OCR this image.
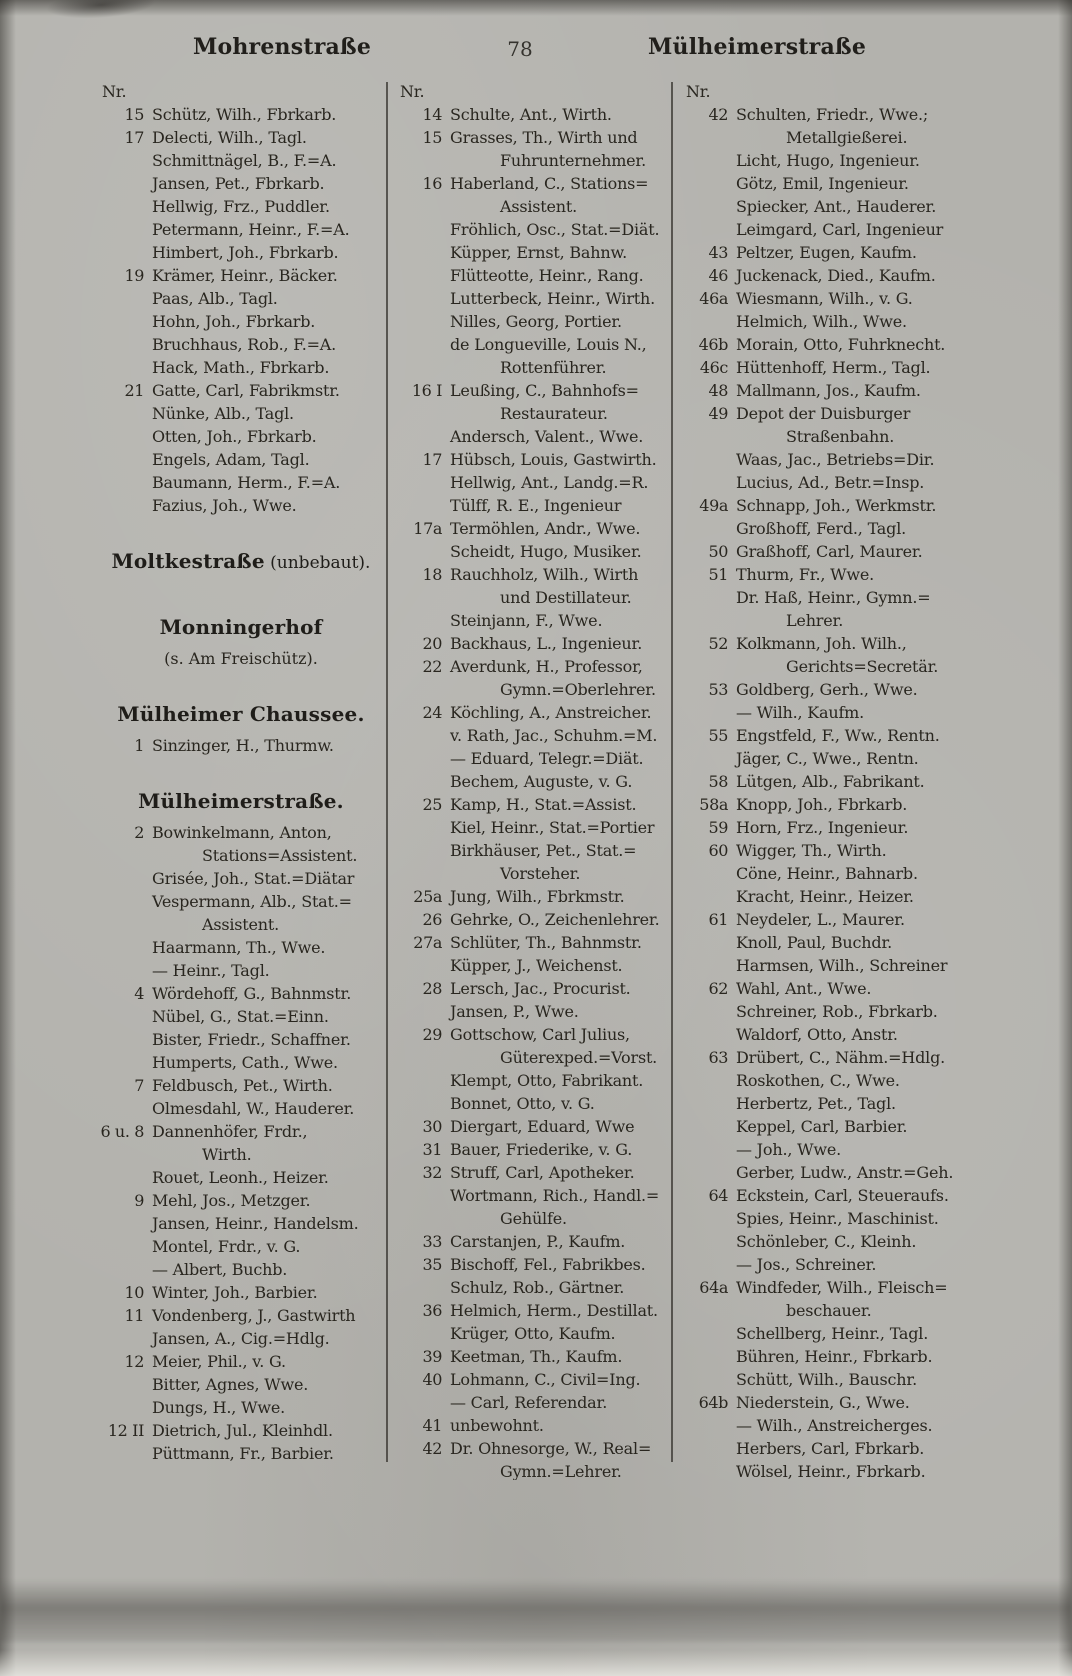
Mohrenstraße	78	Mülheimerstraße
Nr.
15 Schütz, Wilh., Fbrkarb.
17 Delecti, Wilh., Tagl.
Schmittnägel, B., F.=A.
Jansen, Pet., Fbrkarb.
Hellwig, Frz., Puddler.
Petermann, Heinr., F.=A.
Himbert, Joh., Fbrkarb.
19 Krämer, Heinr., Bäcker.
Paas, Alb., Tagl.
Hohn, Joh., Fbrkarb.
Bruchhaus, Rob., F.=A.
Hack, Math., Fbrkarb.
21 Gatte, Carl, Fabrikmstr.
Nünke, Alb., Tagl.
Otten, Joh., Fbrkarb.
Engels, Adam, Tagl.
Baumann, Herm., F.=A.
Fazius, Joh., Wwe.
Moltkestraße (unbebaut).
Monningerhof
(s. Am Freischütz).
Mülheimer Chaussee.
1 Sinzinger, H., Thurmw.
Mülheimerstraße.
2 Bowinkelmann, Anton,
Stations=Assistent.
Grisée, Joh., Stat.=Diätar
Vespermann, Alb., Stat.=
Assistent.
Haarmann, Th., Wwe.
— Heinr., Tagl.
4 Wördehoff, G., Bahnmstr.
Nübel, G., Stat.=Einn.
Bister, Friedr., Schaffner.
Humperts, Cath., Wwe.
7 Feldbusch, Pet., Wirth.
Olmesdahl, W., Hauderer.
6 u. 8 Dannenhöfer, Frdr.,
Wirth.
Rouet, Leonh., Heizer.
9 Mehl, Jos., Metzger.
Jansen, Heinr., Handelsm.
Montel, Frdr., v. G.
— Albert, Buchb.
10 Winter, Joh., Barbier.
11 Vondenberg, J., Gastwirth
Jansen, A., Cig.=Hdlg.
12 Meier, Phil., v. G.
Bitter, Agnes, Wwe.
Dungs, H., Wwe.
12 II Dietrich, Jul., Kleinhdl.
Püttmann, Fr., Barbier.
Nr.
14 Schulte, Ant., Wirth.
15 Grasses, Th., Wirth und
Fuhrunternehmer.
16 Haberland, C., Stations=
Assistent.
Fröhlich, Osc., Stat.=Diät.
Küpper, Ernst, Bahnw.
Flütteotte, Heinr., Rang.
Lutterbeck, Heinr., Wirth.
Nilles, Georg, Portier.
de Longueville, Louis N.,
Rottenführer.
16 I Leußing, C., Bahnhofs=
Restaurateur.
Andersch, Valent., Wwe.
17 Hübsch, Louis, Gastwirth.
Hellwig, Ant., Landg.=R.
Tülff, R. E., Ingenieur
17a Termöhlen, Andr., Wwe.
Scheidt, Hugo, Musiker.
18 Rauchholz, Wilh., Wirth
und Destillateur.
Steinjann, F., Wwe.
20 Backhaus, L., Ingenieur.
22 Averdunk, H., Professor,
Gymn.=Oberlehrer.
24 Köchling, A., Anstreicher.
v. Rath, Jac., Schuhm.=M.
— Eduard, Telegr.=Diät.
Bechem, Auguste, v. G.
25 Kamp, H., Stat.=Assist.
Kiel, Heinr., Stat.=Portier
Birkhäuser, Pet., Stat.=
Vorsteher.
25a Jung, Wilh., Fbrkmstr.
26 Gehrke, O., Zeichenlehrer.
27a Schlüter, Th., Bahnmstr.
Küpper, J., Weichenst.
28 Lersch, Jac., Procurist.
Jansen, P., Wwe.
29 Gottschow, Carl Julius,
Güterexped.=Vorst.
Klempt, Otto, Fabrikant.
Bonnet, Otto, v. G.
30 Diergart, Eduard, Wwe
31 Bauer, Friederike, v. G.
32 Struff, Carl, Apotheker.
Wortmann, Rich., Handl.=
Gehülfe.
33 Carstanjen, P., Kaufm.
35 Bischoff, Fel., Fabrikbes.
Schulz, Rob., Gärtner.
36 Helmich, Herm., Destillat.
Krüger, Otto, Kaufm.
39 Keetman, Th., Kaufm.
40 Lohmann, C., Civil=Ing.
— Carl, Referendar.
41 unbewohnt.
42 Dr. Ohnesorge, W., Real=
Gymn.=Lehrer.
Nr.
42 Schulten, Friedr., Wwe.;
Metallgießerei.
Licht, Hugo, Ingenieur.
Götz, Emil, Ingenieur.
Spiecker, Ant., Hauderer.
Leimgard, Carl, Ingenieur
43 Peltzer, Eugen, Kaufm.
46 Juckenack, Died., Kaufm.
46a Wiesmann, Wilh., v. G.
Helmich, Wilh., Wwe.
46b Morain, Otto, Fuhrknecht.
46c Hüttenhoff, Herm., Tagl.
48 Mallmann, Jos., Kaufm.
49 Depot der Duisburger
Straßenbahn.
Waas, Jac., Betriebs=Dir.
Lucius, Ad., Betr.=Insp.
49a Schnapp, Joh., Werkmstr.
Großhoff, Ferd., Tagl.
50 Graßhoff, Carl, Maurer.
51 Thurm, Fr., Wwe.
Dr. Haß, Heinr., Gymn.=
Lehrer.
52 Kolkmann, Joh. Wilh.,
Gerichts=Secretär.
53 Goldberg, Gerh., Wwe.
— Wilh., Kaufm.
55 Engstfeld, F., Ww., Rentn.
Jäger, C., Wwe., Rentn.
58 Lütgen, Alb., Fabrikant.
58a Knopp, Joh., Fbrkarb.
59 Horn, Frz., Ingenieur.
60 Wigger, Th., Wirth.
Cöne, Heinr., Bahnarb.
Kracht, Heinr., Heizer.
61 Neydeler, L., Maurer.
Knoll, Paul, Buchdr.
Harmsen, Wilh., Schreiner
62 Wahl, Ant., Wwe.
Schreiner, Rob., Fbrkarb.
Waldorf, Otto, Anstr.
63 Drübert, C., Nähm.=Hdlg.
Roskothen, C., Wwe.
Herbertz, Pet., Tagl.
Keppel, Carl, Barbier.
— Joh., Wwe.
Gerber, Ludw., Anstr.=Geh.
64 Eckstein, Carl, Steueraufs.
Spies, Heinr., Maschinist.
Schönleber, C., Kleinh.
— Jos., Schreiner.
64a Windfeder, Wilh., Fleisch=
beschauer.
Schellberg, Heinr., Tagl.
Bühren, Heinr., Fbrkarb.
Schütt, Wilh., Bauschr.
64b Niederstein, G., Wwe.
— Wilh., Anstreicherges.
Herbers, Carl, Fbrkarb.
Wölsel, Heinr., Fbrkarb.
